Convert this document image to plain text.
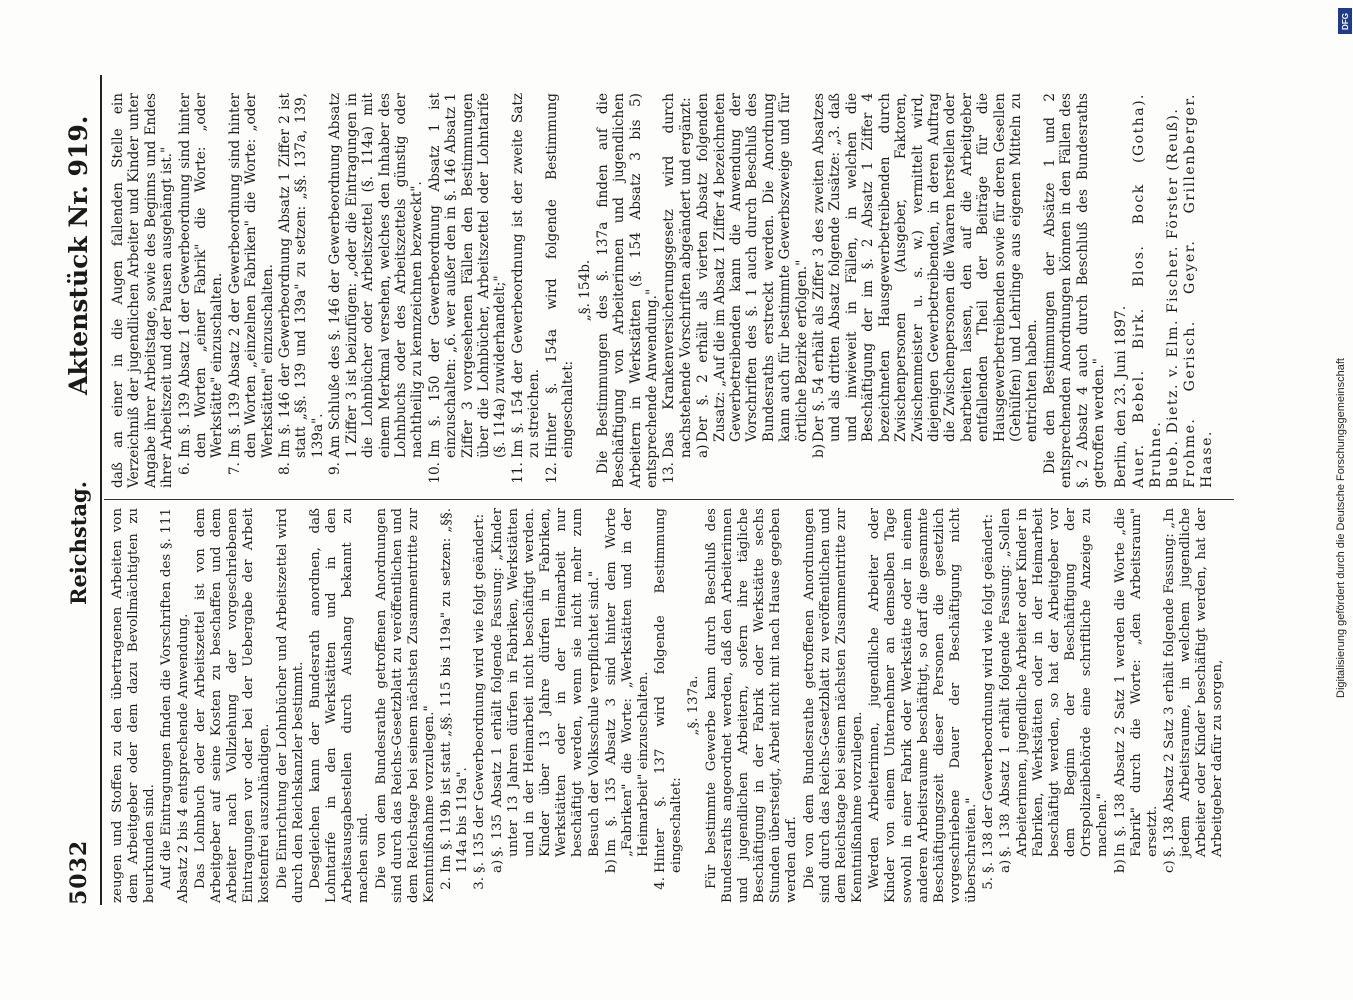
5032
Reichstag.
Aktenstück Nr. 919.

zeugen und Stoffen zu den übertragenen Arbeiten von dem Arbeitgeber oder dem dazu Bevollmächtigten zu beurkunden sind. Auf die Eintragungen finden die Vorschriften des §. 111 Absatz 2 bis 4 entsprechende Anwendung. Das Lohnbuch oder der Arbeitszettel ist von dem Arbeitgeber auf seine Kosten zu beschaffen und dem Arbeiter nach Vollziehung der vorgeschriebenen Eintragungen vor oder bei der Uebergabe der Arbeit kostenfrei auszuhändigen. Die Einrichtung der Lohnbücher und Arbeitszettel wird durch den Reichskanzler bestimmt. Desgleichen kann der Bundesrath anordnen, daß Lohntarife in den Werkstätten und in den Arbeitsausgabestellen durch Aushang bekannt zu machen sind. Die von dem Bundesrathe getroffenen Anordnungen sind durch das Reichs-Gesetzblatt zu veröffentlichen und dem Reichstage bei seinem nächsten Zusammentritte zur Kenntnißnahme vorzulegen." 2.
Im §. 119b ist statt „§§. 115 bis 119a" zu setzen: „§§. 114a bis 119a".
3.
§. 135 der Gewerbeordnung wird wie folgt geändert: a)
§. 135 Absatz 1 erhält folgende Fassung: „Kinder unter 13 Jahren dürfen in Fabriken, Werkstätten und in der Heimarbeit nicht beschäftigt werden. Kinder über 13 Jahre dürfen in Fabriken, Werkstätten oder in der Heimarbeit nur beschäftigt werden, wenn sie nicht mehr zum Besuch der Volksschule verpflichtet sind."
b)
Im §. 135 Absatz 3 sind hinter dem Worte „Fabriken" die Worte: „Werkstätten und in der Heimarbeit" einzuschalten.
4.
Hinter §. 137 wird folgende Bestimmung eingeschaltet:

„§. 137a. Für bestimmte Gewerbe kann durch Beschluß des Bundesraths angeordnet werden, daß den Arbeiterinnen und jugendlichen Arbeitern, sofern ihre tägliche Beschäftigung in der Fabrik oder Werkstätte sechs Stunden übersteigt, Arbeit nicht mit nach Hause gegeben werden darf. Die von dem Bundesrathe getroffenen Anordnungen sind durch das Reichs-Gesetzblatt zu veröffentlichen und dem Reichstage bei seinem nächsten Zusammentritte zur Kenntnißnahme vorzulegen. Werden Arbeiterinnen, jugendliche Arbeiter oder Kinder von einem Unternehmer an demselben Tage sowohl in einer Fabrik oder Werkstätte oder in einem anderen Arbeitsraume beschäftigt, so darf die gesammte Beschäftigungszeit dieser Personen die gesetzlich vorgeschriebene Dauer der Beschäftigung nicht überschreiten." 5.
§. 138 der Gewerbeordnung wird wie folgt geändert: a)
§. 138 Absatz 1 erhält folgende Fassung: „Sollen Arbeiterinnen, jugendliche Arbeiter oder Kinder in Fabriken, Werkstätten oder in der Heimarbeit beschäftigt werden, so hat der Arbeitgeber vor dem Beginn der Beschäftigung der Ortspolizeibehörde eine schriftliche Anzeige zu machen."
b)
In §. 138 Absatz 2 Satz 1 werden die Worte „die Fabrik" durch die Worte: „den Arbeitsraum" ersetzt.
c)
§. 138 Absatz 2 Satz 3 erhält folgende Fassung: „In jedem Arbeitsraume, in welchem jugendliche Arbeiter oder Kinder beschäftigt werden, hat der Arbeitgeber dafür zu sorgen,

daß an einer in die Augen fallenden Stelle ein Verzeichniß der jugendlichen Arbeiter und Kinder unter Angabe ihrer Arbeitstage, sowie des Beginns und Endes ihrer Arbeitszeit und der Pausen ausgehängt ist." 6.
Im §. 139 Absatz 1 der Gewerbeordnung sind hinter den Worten „einer Fabrik" die Worte: „oder Werkstätte" einzuschalten.
7.
Im §. 139 Absatz 2 der Gewerbeordnung sind hinter den Worten „einzelnen Fabriken" die Worte: „oder Werkstätten" einzuschalten.
8.
Im §. 146 der Gewerbeordnung Absatz 1 Ziffer 2 ist statt „§§. 139 und 139a" zu setzen: „§§. 137a, 139, 139a".
9.
Am Schluße des §. 146 der Gewerbeordnung Absatz 1 Ziffer 3 ist beizufügen: „oder die Eintragungen in die Lohnbücher oder Arbeitszettel (§. 114a) mit einem Merkmal versehen, welches den Inhaber des Lohnbuchs oder des Arbeitszettels günstig oder nachtheilig zu kennzeichnen bezweckt".
10.
Im §. 150 der Gewerbeordnung Absatz 1 ist einzuschalten: „6. wer außer den in §. 146 Absatz 1 Ziffer 3 vorgesehenen Fällen den Bestimmungen über die Lohnbücher, Arbeitszettel oder Lohntarife (§. 114a) zuwiderhandelt;"
11.
Im §. 154 der Gewerbeordnung ist der zweite Satz zu streichen.
12.
Hinter §. 154a wird folgende Bestimmung eingeschaltet:

„§. 154b. Die Bestimmungen des §. 137a finden auf die Beschäftigung von Arbeiterinnen und jugendlichen Arbeitern in Werkstätten (§. 154 Absatz 3 bis 5) entsprechende Anwendung." 13.
Das Krankenversicherungsgesetz wird durch nachstehende Vorschriften abgeändert und ergänzt: a)
Der §. 2 erhält als vierten Absatz folgenden Zusatz: „Auf die im Absatz 1 Ziffer 4 bezeichneten Gewerbetreibenden kann die Anwendung der Vorschriften des §. 1 auch durch Beschluß des Bundesraths erstreckt werden. Die Anordnung kann auch für bestimmte Gewerbszweige und für örtliche Bezirke erfolgen."
b)
Der §. 54 erhält als Ziffer 3 des zweiten Absatzes und als dritten Absatz folgende Zusätze: „3. daß und inwieweit in Fällen, in welchen die Beschäftigung der im §. 2 Absatz 1 Ziffer 4 bezeichneten Hausgewerbetreibenden durch Zwischenpersonen (Ausgeber, Faktoren, Zwischenmeister u. s. w.) vermittelt wird, diejenigen Gewerbetreibenden, in deren Auftrag die Zwischenpersonen die Waaren herstellen oder bearbeiten lassen, den auf die Arbeitgeber entfallenden Theil der Beiträge für die Hausgewerbetreibenden sowie für deren Gesellen (Gehülfen) und Lehrlinge aus eigenen Mitteln zu entrichten haben. Die den Bestimmungen der Absätze 1 und 2 entsprechenden Anordnungen können in den Fällen des §. 2 Absatz 4 auch durch Beschluß des Bundesraths getroffen werden." Berlin, den 23. Juni 1897. Auer. Bebel. Birk. Blos. Bock (Gotha). Bruhne. Bueb. Dietz. v. Elm. Fischer. Förster (Reuß). Frohme. Gerisch. Geyer. Grillenberger. Haase.	Digitalisierung gefördert durch die Deutsche Forschungsgemeinschaft
DFG
